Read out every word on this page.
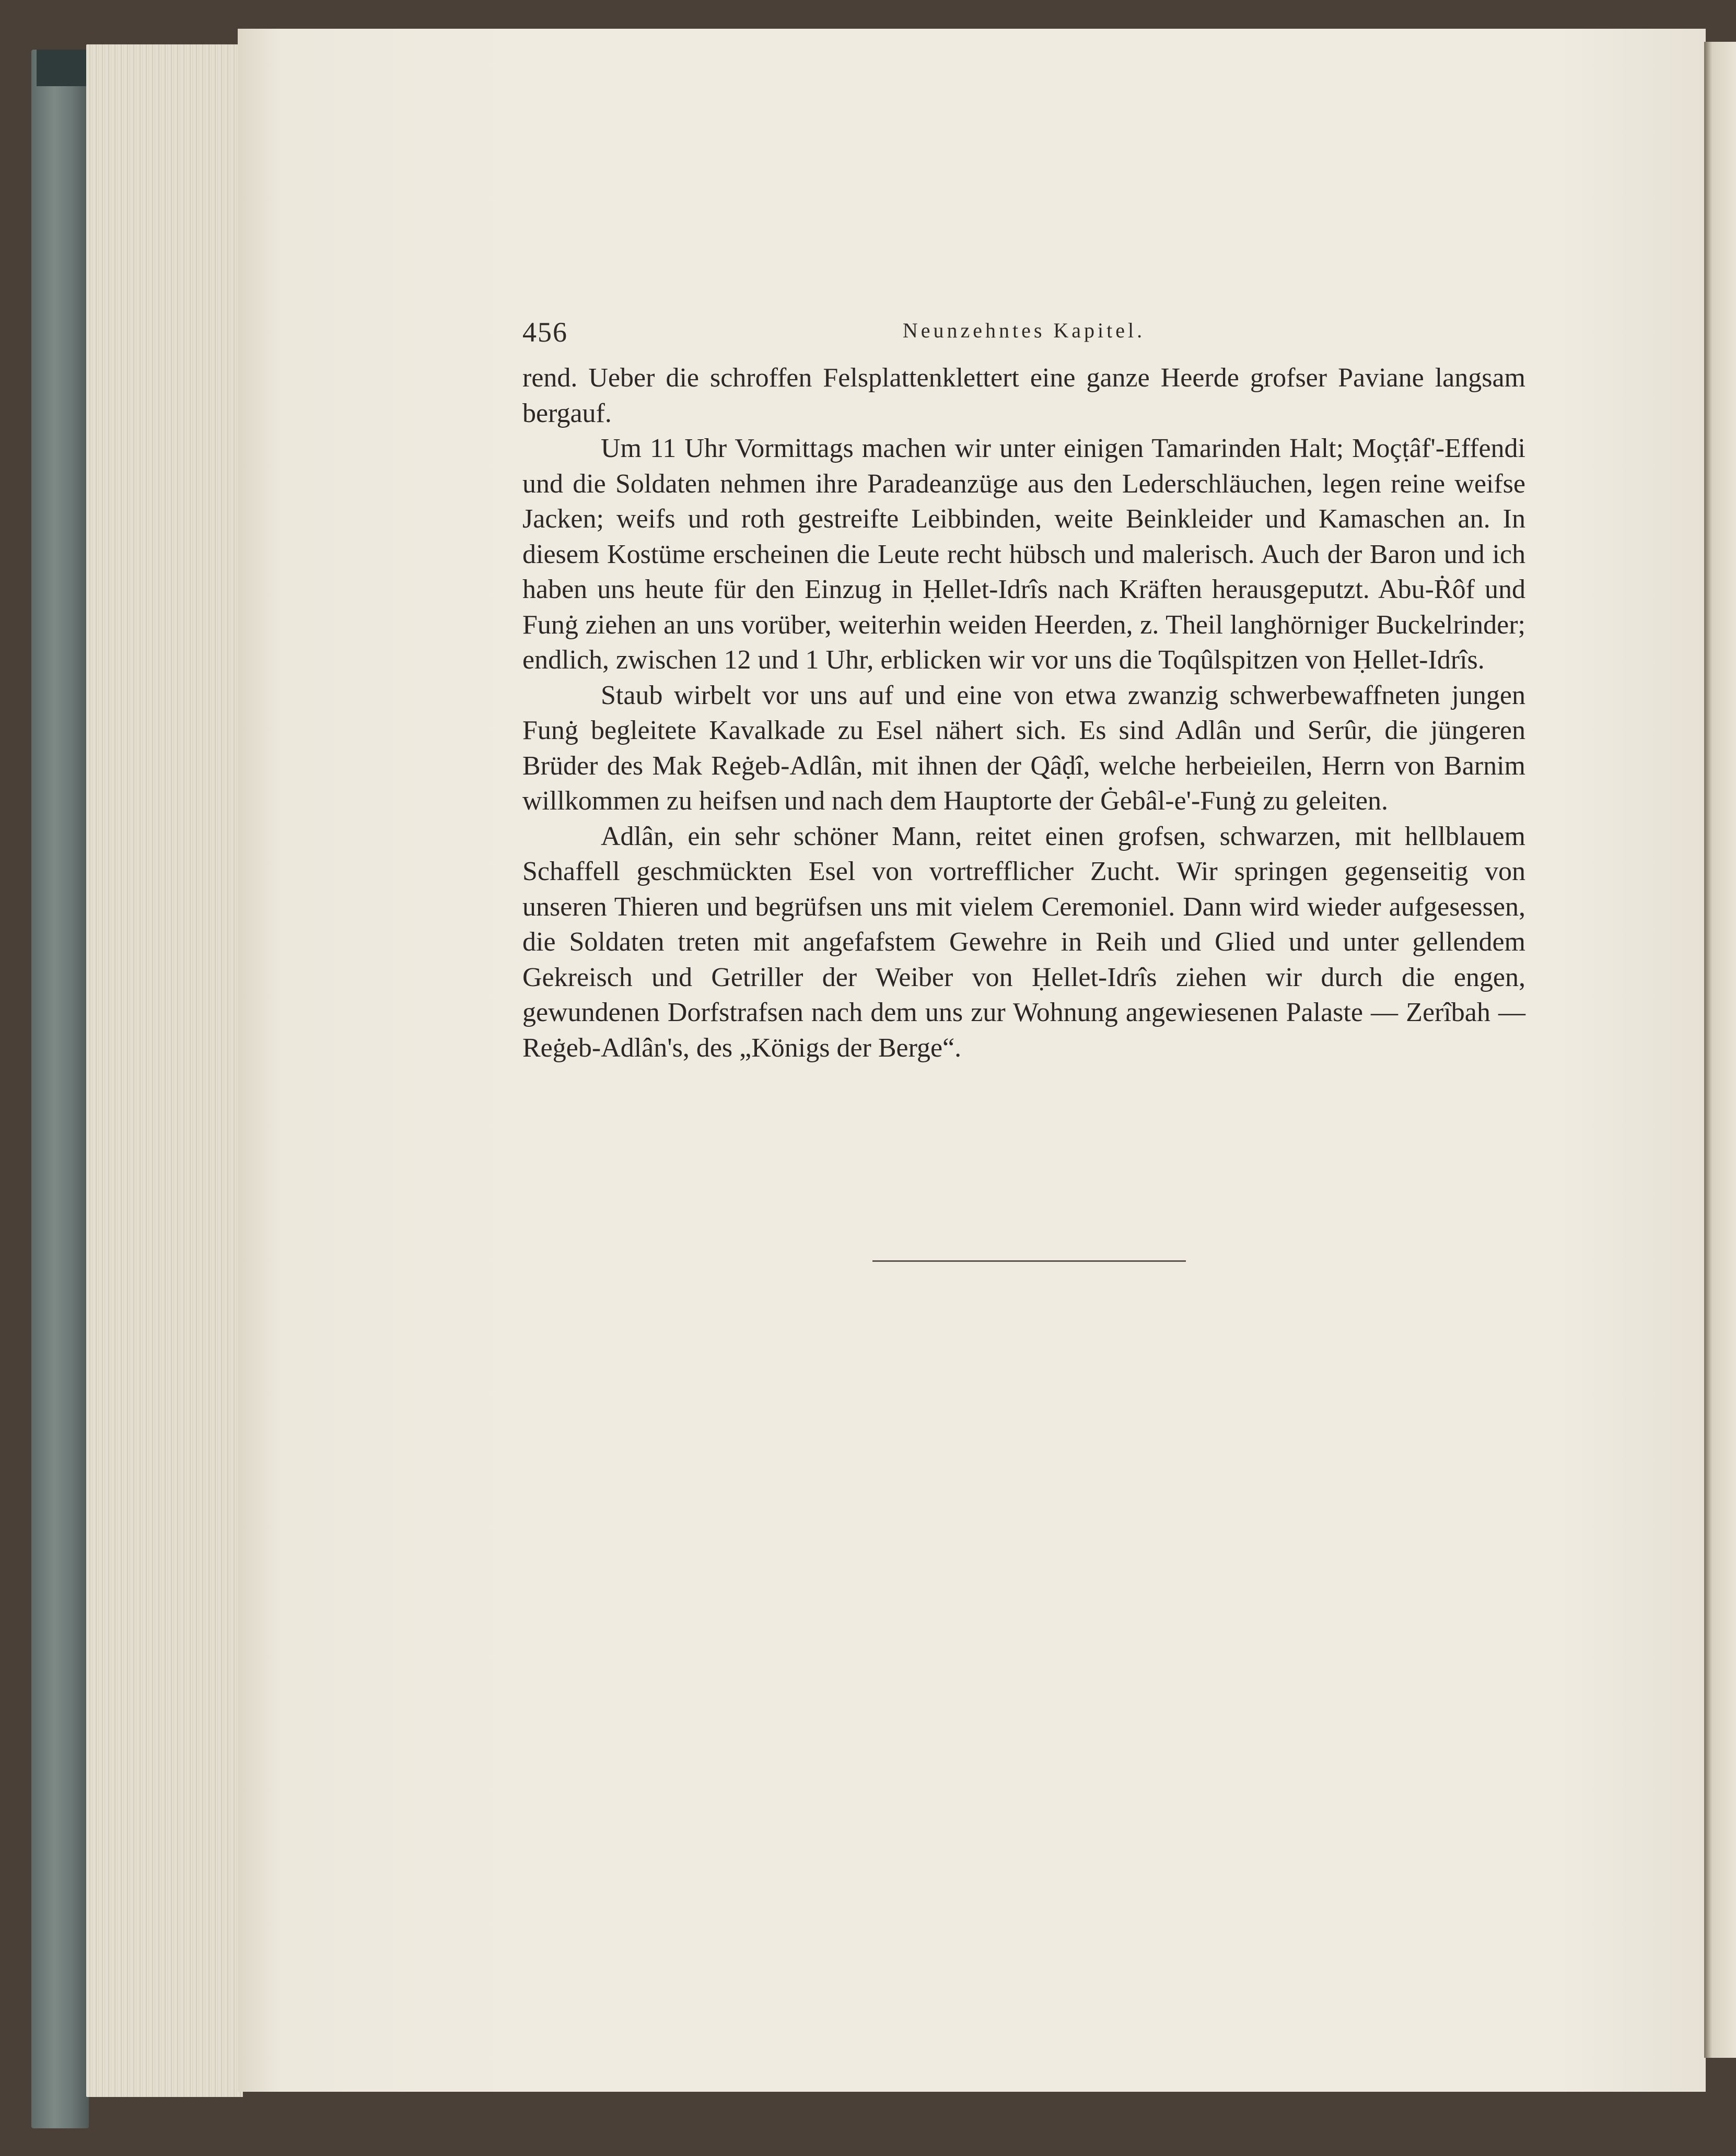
456	Neunzehntes Kapitel.

rend. Ueber die schroffen Felsplattenklettert eine ganze Heerde grofser Paviane langsam bergauf.

Um 11 Uhr Vormittags machen wir unter einigen Tamarinden Halt; Moçṭâf'-Effendi und die Soldaten nehmen ihre Paradeanzüge aus den Lederschläuchen, legen reine weifse Jacken; weifs und roth gestreifte Leibbinden, weite Beinkleider und Kamaschen an. In diesem Kostüme erscheinen die Leute recht hübsch und malerisch. Auch der Baron und ich haben uns heute für den Einzug in Ḥellet-Idrîs nach Kräften herausgeputzt. Abu-Ṙôf und Funġ ziehen an uns vorüber, weiterhin weiden Heerden, z. Theil langhörniger Buckelrinder; endlich, zwischen 12 und 1 Uhr, erblicken wir vor uns die Toqûlspitzen von Ḥellet-Idrîs.

Staub wirbelt vor uns auf und eine von etwa zwanzig schwerbewaffneten jungen Funġ begleitete Kavalkade zu Esel nähert sich. Es sind Adlân und Serûr, die jüngeren Brüder des Mak Reġeb-Adlân, mit ihnen der Qâḍî, welche herbeieilen, Herrn von Barnim willkommen zu heifsen und nach dem Hauptorte der Ġebâl-e'-Funġ zu geleiten.

Adlân, ein sehr schöner Mann, reitet einen grofsen, schwarzen, mit hellblauem Schaffell geschmückten Esel von vortrefflicher Zucht. Wir springen gegenseitig von unseren Thieren und begrüfsen uns mit vielem Ceremoniel. Dann wird wieder aufgesessen, die Soldaten treten mit angefafstem Gewehre in Reih und Glied und unter gellendem Gekreisch und Getriller der Weiber von Ḥellet-Idrîs ziehen wir durch die engen, gewundenen Dorfstrafsen nach dem uns zur Wohnung angewiesenen Palaste — Zerîbah — Reġeb-Adlân's, des „Königs der Berge“.
